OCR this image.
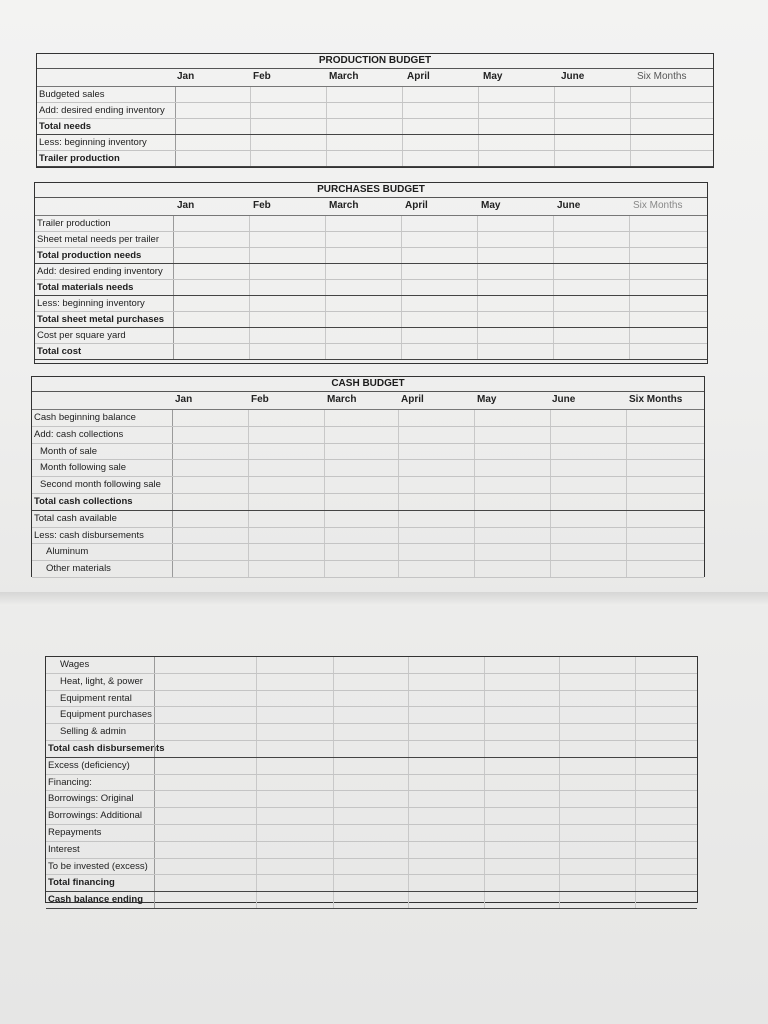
PRODUCTION BUDGET
Jan	Feb	March	April	May	June	Six Months
Budgeted sales
Add: desired ending inventory
Total needs
Less: beginning inventory
Trailer production
PURCHASES BUDGET
Jan	Feb	March	April	May	June	Six Months
Trailer production
Sheet metal needs per trailer
Total production needs
Add: desired ending inventory
Total materials needs
Less: beginning inventory
Total sheet metal purchases
Cost per square yard
Total cost
CASH BUDGET
Jan	Feb	March	April	May	June	Six Months
Cash beginning balance
Add: cash collections
Month of sale
Month following sale
Second month following sale
Total cash collections
Total cash available
Less: cash disbursements
Aluminum
Other materials
Wages
Heat, light, & power
Equipment rental
Equipment purchases
Selling & admin
Total cash disbursements
Excess (deficiency)
Financing:
Borrowings: Original
Borrowings: Additional
Repayments
Interest
To be invested (excess)
Total financing
Cash balance ending
